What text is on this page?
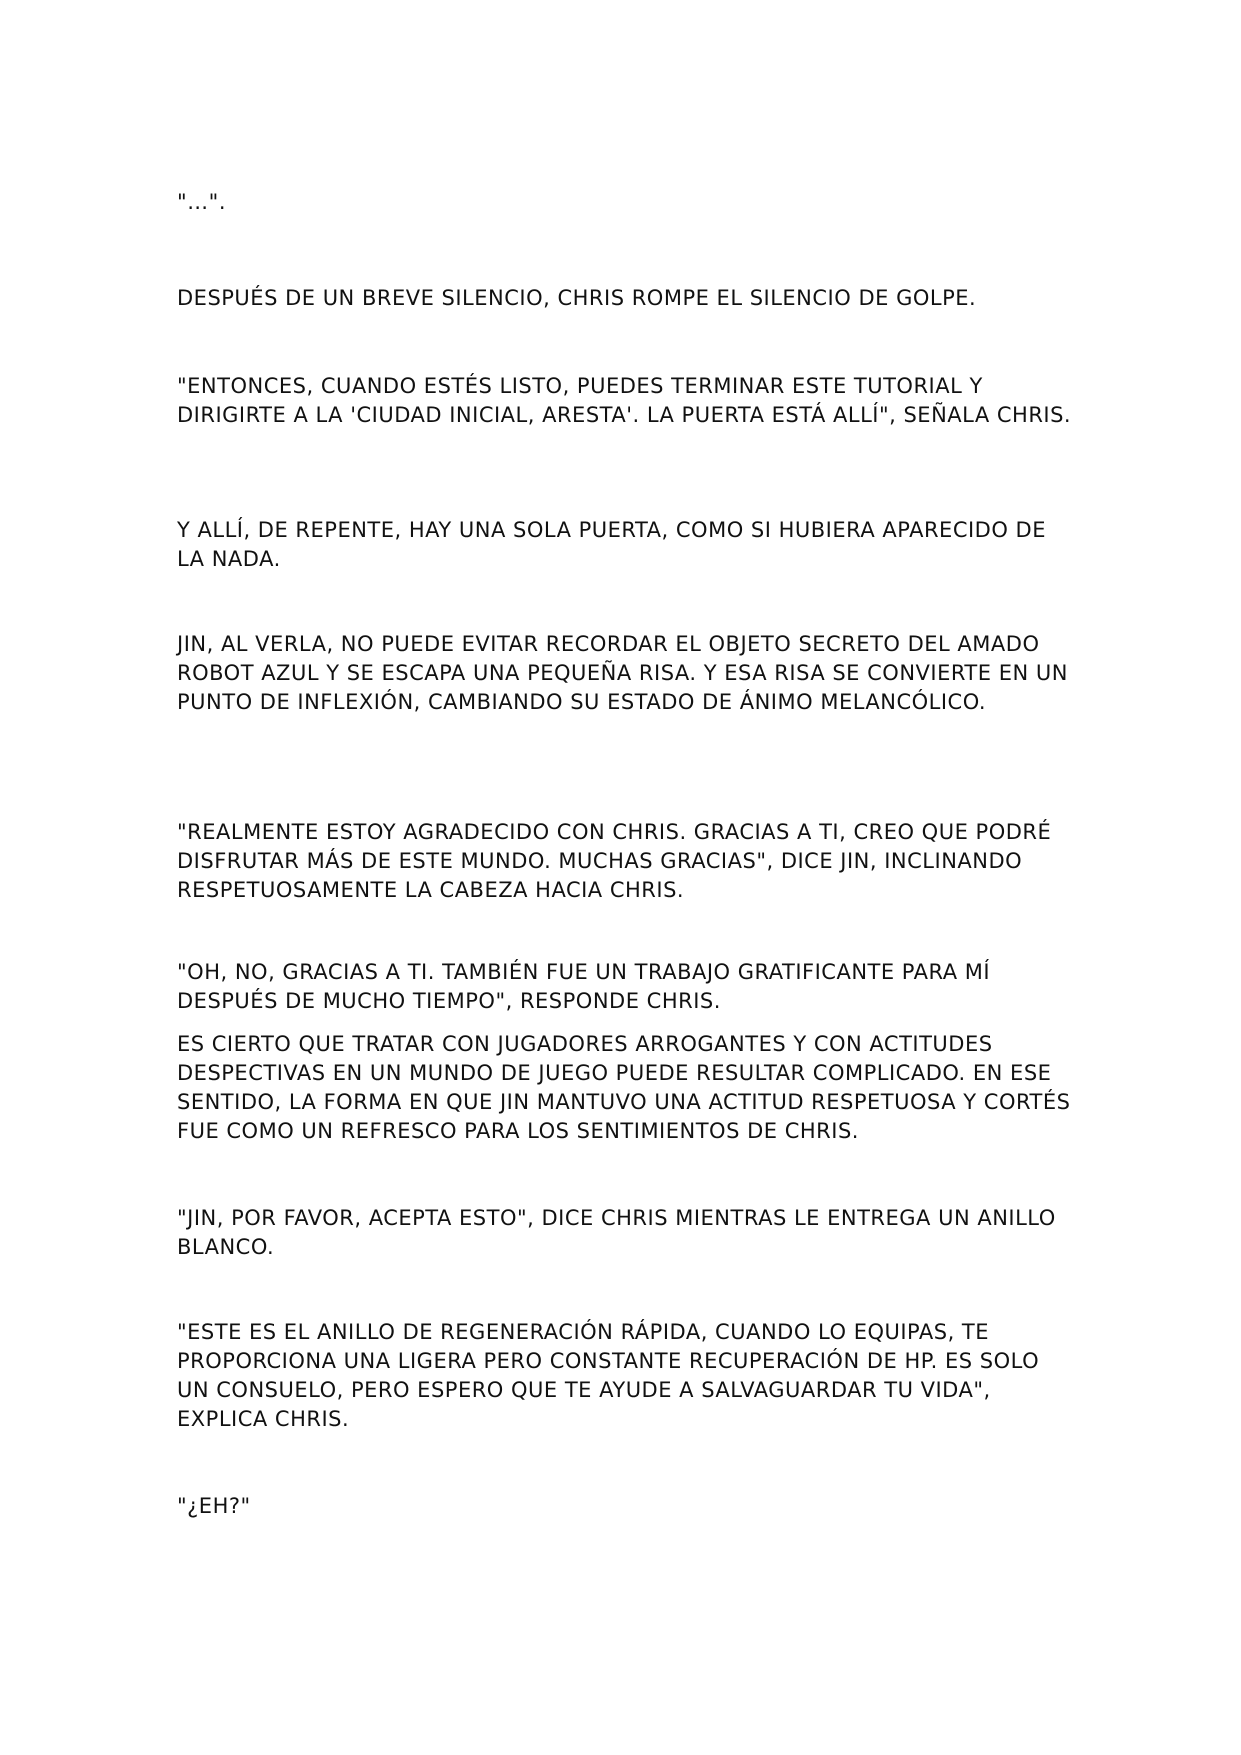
"…".

DESPUÉS DE UN BREVE SILENCIO, CHRIS ROMPE EL SILENCIO DE GOLPE.

"ENTONCES, CUANDO ESTÉS LISTO, PUEDES TERMINAR ESTE TUTORIAL Y DIRIGIRTE A LA 'CIUDAD INICIAL, ARESTA'. LA PUERTA ESTÁ ALLÍ", SEÑALA CHRIS.

Y ALLÍ, DE REPENTE, HAY UNA SOLA PUERTA, COMO SI HUBIERA APARECIDO DE LA NADA.

JIN, AL VERLA, NO PUEDE EVITAR RECORDAR EL OBJETO SECRETO DEL AMADO ROBOT AZUL Y SE ESCAPA UNA PEQUEÑA RISA. Y ESA RISA SE CONVIERTE EN UN PUNTO DE INFLEXIÓN, CAMBIANDO SU ESTADO DE ÁNIMO MELANCÓLICO.

"REALMENTE ESTOY AGRADECIDO CON CHRIS. GRACIAS A TI, CREO QUE PODRÉ DISFRUTAR MÁS DE ESTE MUNDO. MUCHAS GRACIAS", DICE JIN, INCLINANDO RESPETUOSAMENTE LA CABEZA HACIA CHRIS.

"OH, NO, GRACIAS A TI. TAMBIÉN FUE UN TRABAJO GRATIFICANTE PARA MÍ DESPUÉS DE MUCHO TIEMPO", RESPONDE CHRIS.

ES CIERTO QUE TRATAR CON JUGADORES ARROGANTES Y CON ACTITUDES DESPECTIVAS EN UN MUNDO DE JUEGO PUEDE RESULTAR COMPLICADO. EN ESE SENTIDO, LA FORMA EN QUE JIN MANTUVO UNA ACTITUD RESPETUOSA Y CORTÉS FUE COMO UN REFRESCO PARA LOS SENTIMIENTOS DE CHRIS.

"JIN, POR FAVOR, ACEPTA ESTO", DICE CHRIS MIENTRAS LE ENTREGA UN ANILLO BLANCO.

"ESTE ES EL ANILLO DE REGENERACIÓN RÁPIDA, CUANDO LO EQUIPAS, TE PROPORCIONA UNA LIGERA PERO CONSTANTE RECUPERACIÓN DE HP. ES SOLO UN CONSUELO, PERO ESPERO QUE TE AYUDE A SALVAGUARDAR TU VIDA", EXPLICA CHRIS.

"¿EH?"
